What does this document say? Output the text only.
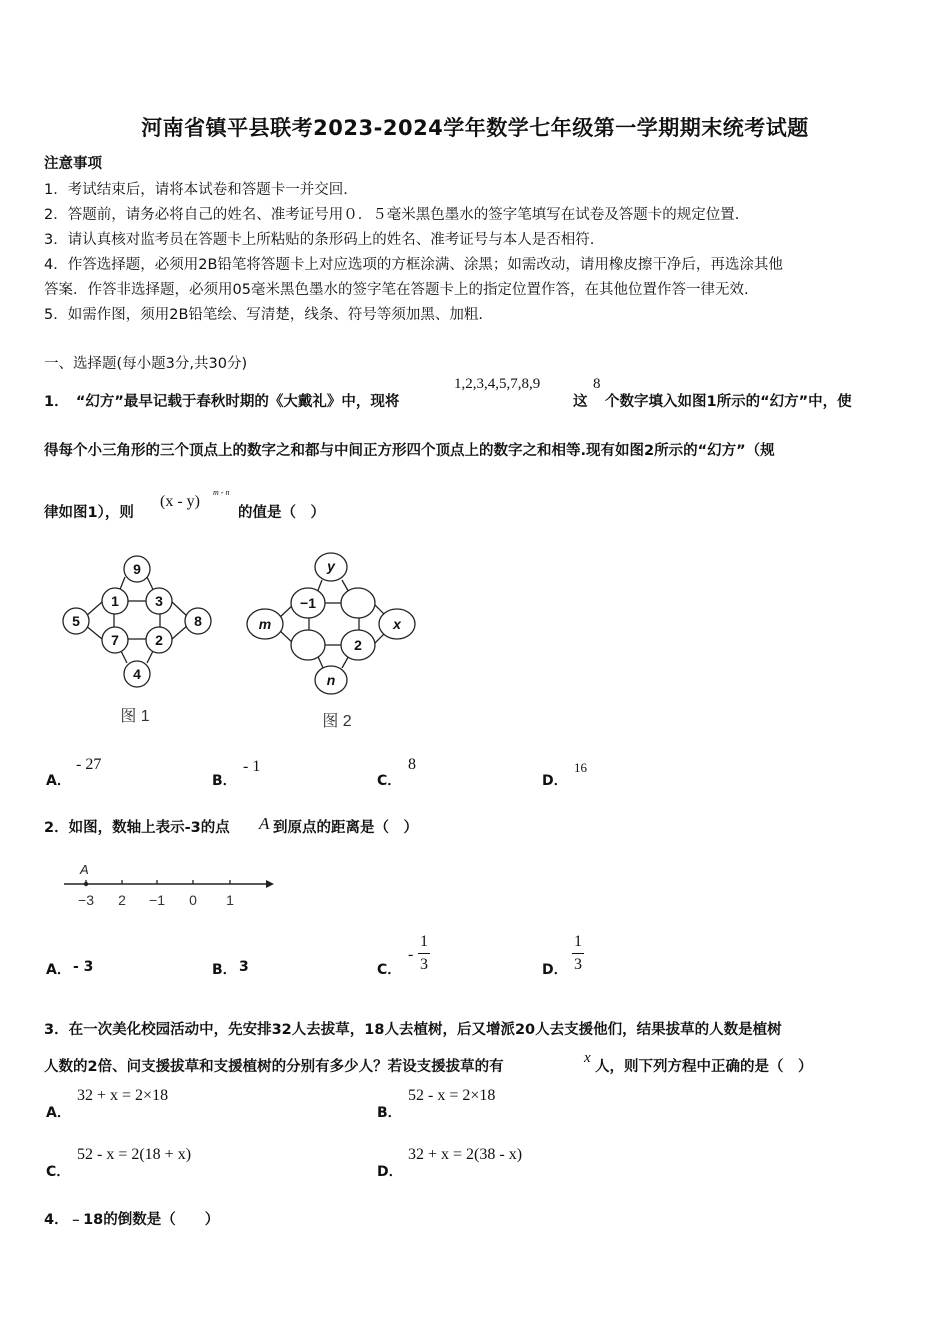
河南省镇平县联考2023-2024学年数学七年级第一学期期末统考试题
注意事项
1．考试结束后，请将本试卷和答题卡一并交回.
2．答题前，请务必将自己的姓名、准考证号用０．５毫米黑色墨水的签字笔填写在试卷及答题卡的规定位置.
3．请认真核对监考员在答题卡上所粘贴的条形码上的姓名、准考证号与本人是否相符.
4．作答选择题，必须用2B铅笔将答题卡上对应选项的方框涂满、涂黑；如需改动，请用橡皮擦干净后，再选涂其他
答案．作答非选择题，必须用05毫米黑色墨水的签字笔在答题卡上的指定位置作答，在其他位置作答一律无效.
5．如需作图，须用2B铅笔绘、写清楚，线条、符号等须加黑、加粗.
一、选择题(每小题3分,共30分)
1．　“幻方”最早记载于春秋时期的《大戴礼》中，现将
1,2,3,4,5,7,8,9
这
8
个数字填入如图1所示的“幻方”中，使
得每个小三角形的三个顶点上的数字之和都与中间正方形四个顶点上的数字之和相等.现有如图2所示的“幻方”（规
律如图1），则
(x - y)
m - n
的值是（　）
9
1	3
5	8
7	2
4
图 1
y
−1
m	x
2
n
图 2
A．
- 27
B．
- 1
C．
8
D．
16
2．如图，数轴上表示-3的点 A 到原点的距离是（　）
A
−3 2 −1 0 1
A． - 3	B． 3	C．
-
1
3	D．
1
3
3．在一次美化校园活动中，先安排32人去拔草，18人去植树，后又增派20人去支援他们，结果拔草的人数是植树
人数的2倍、问支援拔草和支援植树的分别有多少人？若设支援拔草的有
x
人，则下列方程中正确的是（　）
A．
32 + x = 2×18
B．
52 - x = 2×18
C．
52 - x = 2(18 + x)
D．
32 + x = 2(38 - x)
4．﹣18的倒数是（　　）
